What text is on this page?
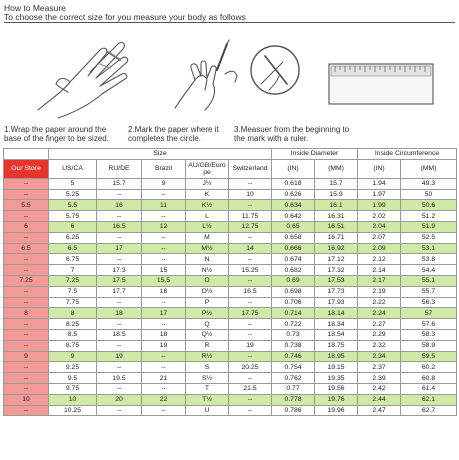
How to Measure
To choose the correct size for you measure your body as follows
1.Wrap the paper around the
base of the finger to be sized.
2.Mark the paper where it
completes the circle.
3.Measuer from the beginning to
the mark with a ruler.
	Size					Inside Diameter		Inside Circumference	
Our Store	US/CA	RU/DE	Brazil	AU/GB/Euro pe	Switzerland	(IN)	(MM)	(IN)	(MM)
--	5	15.7	9	J½	--	0.618	15.7	1.94	49.3
--	5.25	--	--	K	10	0.626	15.9	1.97	50
5.5	5.5	16	11	K½	--	0.634	16.1	1.99	50.6
--	5.75	--	--	L	11.75	0.642	16.31	2.02	51.2
6	6	16.5	12	L½	12.75	0.65	16.51	2.04	51.9
--	6.25	--	--	M	--	0.658	16.71	2.07	52.5
6.5	6.5	17	--	M½	14	0.666	16.92	2.09	53.1
--	6.75	--	--	N	--	0.674	17.12	2.12	53.8
--	7	17.3	15	N½	15.25	0.682	17.32	2.14	54.4
7.25	7.25	17.5	15.5	O	--	0.69	17.53	2.17	55.1
--	7.5	17.7	16	O½	16.5	0.698	17.73	2.19	55.7
--	7.75	--	--	P	--	0.706	17.93	2.22	56.3
8	8	18	17	P½	17.75	0.714	18.14	2.24	57
--	8.25	--	--	Q	--	0.722	18.34	2.27	57.6
--	8.5	18.5	18	Q½	--	0.73	18.54	2.29	58.3
--	8.75	--	19	R	19	0.738	18.75	2.32	58.9
9	9	19	--	R½	--	0.746	18.95	2.34	59.5
--	9.25	--	--	S	20.25	0.754	19.15	2.37	60.2
--	9.5	19.5	21	S½	--	0.762	19.35	2.39	60.8
--	9.75	--	--	T	21.5	0.77	19.56	2.42	61.4
10	10	20	22	T½	--	0.778	19.76	2.44	62.1
--	10.25	--	--	U	--	0.786	19.96	2.47	62.7
